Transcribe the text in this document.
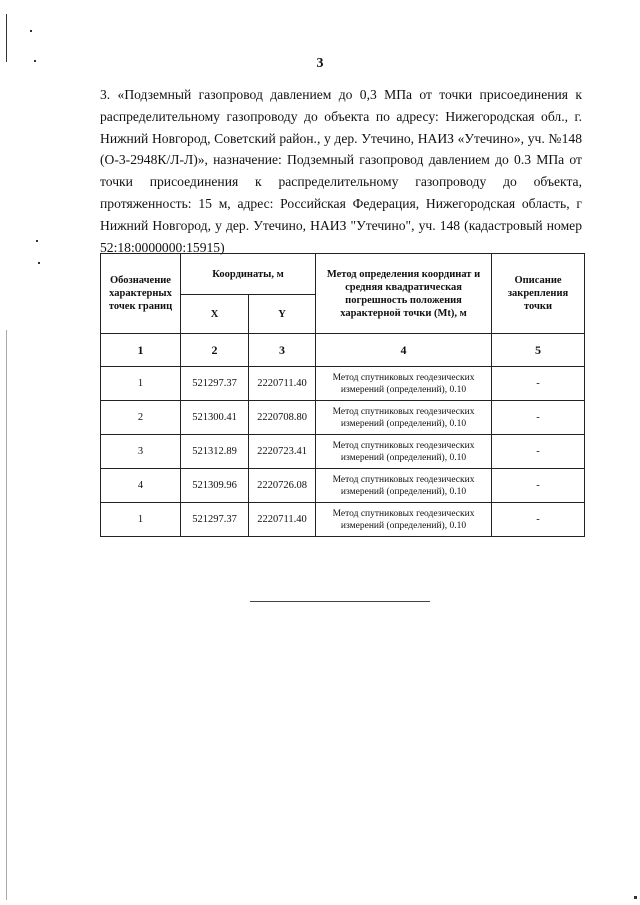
3
3. «Подземный газопровод давлением до 0,3 МПа от точки присоединения к распределительному газопроводу до объекта по адресу: Нижегородская обл., г. Нижний Новгород, Советский район., у дер. Утечино, НАИЗ «Утечино», уч. №148 (О-3-2948К/Л-Л)», назначение: Подземный газопровод давлением до 0.3 МПа от точки присоединения к распределительному газопроводу до объекта, протяженность: 15 м, адрес: Российская Федерация, Нижегородская область, г Нижний Новгород, у дер. Утечино, НАИЗ "Утечино", уч. 148 (кадастровый номер 52:18:0000000:15915)
Обозначение характерных точек границ	Координаты, м		Метод определения координат и средняя квадратическая погрешность положения характерной точки (Mt), м	Описание закрепления точки
	X	Y		
1	2	3	4	5
1	521297.37	2220711.40	Метод спутниковых геодезических измерений (определений), 0.10	-
2	521300.41	2220708.80	Метод спутниковых геодезических измерений (определений), 0.10	-
3	521312.89	2220723.41	Метод спутниковых геодезических измерений (определений), 0.10	-
4	521309.96	2220726.08	Метод спутниковых геодезических измерений (определений), 0.10	-
1	521297.37	2220711.40	Метод спутниковых геодезических измерений (определений), 0.10	-
